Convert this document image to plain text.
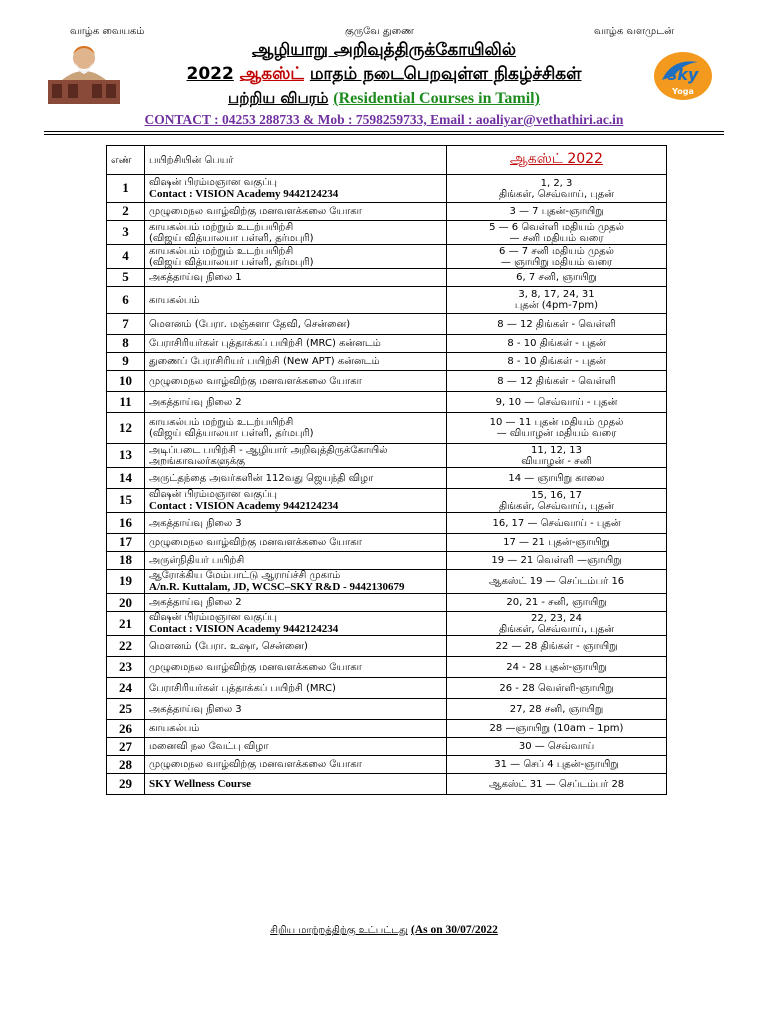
வாழ்க வையகம்	குருவே துணை	வாழ்க வளமுடன்
ஆழியாறு அறிவுத்திருக்கோயிலில்
2022 ஆகஸ்ட் மாதம் நடைபெறவுள்ள நிகழ்ச்சிகள்
பற்றிய விபரம் (Residential Courses in Tamil)
sky
Yoga
CONTACT : 04253 288733 & Mob : 7598259733, Email : aoaliyar@vethathiri.ac.in
எண்	பயிற்சியின் பெயர்	ஆகஸ்ட் 2022
1	விஷன் பிரம்மஞான வகுப்பு
Contact : VISION Academy 9442124234	1, 2, 3
திங்கள், செவ்வாய், புதன்

2	முழுமைநல வாழ்விற்கு மனவளக்கலை யோகா	3 — 7 புதன்-ஞாயிறு

3	காயகல்பம் மற்றும் உடற்பயிற்சி
(விஜய் வித்யாலயா பள்ளி, தர்மபுரி)	5 — 6 வெள்ளி மதியம் முதல்
— சனி மதியம் வரை

4	காயகல்பம் மற்றும் உடற்பயிற்சி
(விஜய் வித்யாலயா பள்ளி, தர்மபுரி)	6 — 7 சனி மதியம் முதல்
— ஞாயிறு மதியம் வரை

5	அகத்தாய்வு நிலை 1	6, 7 சனி, ஞாயிறு

6	காயகல்பம்	3, 8, 17, 24, 31
புதன் (4pm-7pm)

7	மௌனம் (பேரா. மஞ்சுளா தேவி, சென்னை)	8 — 12 திங்கள் - வெள்ளி

8	பேராசிரியர்கள் புத்தாக்கப் பயிற்சி (MRC) கன்னடம்	8 - 10 திங்கள் - புதன்

9	துணைப் பேராசிரியர் பயிற்சி (New APT) கன்னடம்	8 - 10 திங்கள் - புதன்

10	முழுமைநல வாழ்விற்கு மனவளக்கலை யோகா	8 — 12 திங்கள் - வெள்ளி

11	அகத்தாய்வு நிலை 2	9, 10 — செவ்வாய் - புதன்

12	காயகல்பம் மற்றும் உடற்பயிற்சி
(விஜய் வித்யாலயா பள்ளி, தர்மபுரி)	10 — 11 புதன் மதியம் முதல்
— வியாழன் மதியம் வரை

13	அடிப்படை பயிற்சி - ஆழியார் அறிவுத்திருக்கோயில்
அறங்காவலர்களுக்கு	11, 12, 13
வியாழன் - சனி

14	அருட்தந்தை அவர்களின் 112வது ஜெயந்தி விழா	14 — ஞாயிறு காலை

15	விஷன் பிரம்மஞான வகுப்பு
Contact : VISION Academy 9442124234	15, 16, 17
திங்கள், செவ்வாய், புதன்

16	அகத்தாய்வு நிலை 3	16, 17 — செவ்வாய் - புதன்

17	முழுமைநல வாழ்விற்கு மனவளக்கலை யோகா	17 — 21 புதன்-ஞாயிறு

18	அருள்நிதியர் பயிற்சி	19 — 21 வெள்ளி —ஞாயிறு

19	ஆரோக்கிய மேம்பாட்டு ஆராய்ச்சி முகாம்
A/n.R. Kuttalam, JD, WCSC–SKY R&D - 9442130679	ஆகஸ்ட் 19 — செப்டம்பர் 16

20	அகத்தாய்வு நிலை 2	20, 21 - சனி, ஞாயிறு

21	விஷன் பிரம்மஞான வகுப்பு
Contact : VISION Academy 9442124234	22, 23, 24
திங்கள், செவ்வாய், புதன்

22	மௌனம் (பேரா. உஷா, சென்னை)	22 — 28 திங்கள் - ஞாயிறு

23	முழுமைநல வாழ்விற்கு மனவளக்கலை யோகா	24 - 28 புதன்-ஞாயிறு

24	பேராசிரியர்கள் புத்தாக்கப் பயிற்சி (MRC)	26 - 28 வெள்ளி-ஞாயிறு

25	அகத்தாய்வு நிலை 3	27, 28 சனி, ஞாயிறு

26	காயகல்பம்	28 —ஞாயிறு (10am – 1pm)

27	மனைவி நல வேட்பு விழா	30 — செவ்வாய்

28	முழுமைநல வாழ்விற்கு மனவளக்கலை யோகா	31 — செப் 4 புதன்-ஞாயிறு

29	SKY Wellness Course	ஆகஸ்ட் 31 — செப்டம்பர் 28
சிறிய மாற்றத்திற்கு உட்பட்டது (As on 30/07/2022
